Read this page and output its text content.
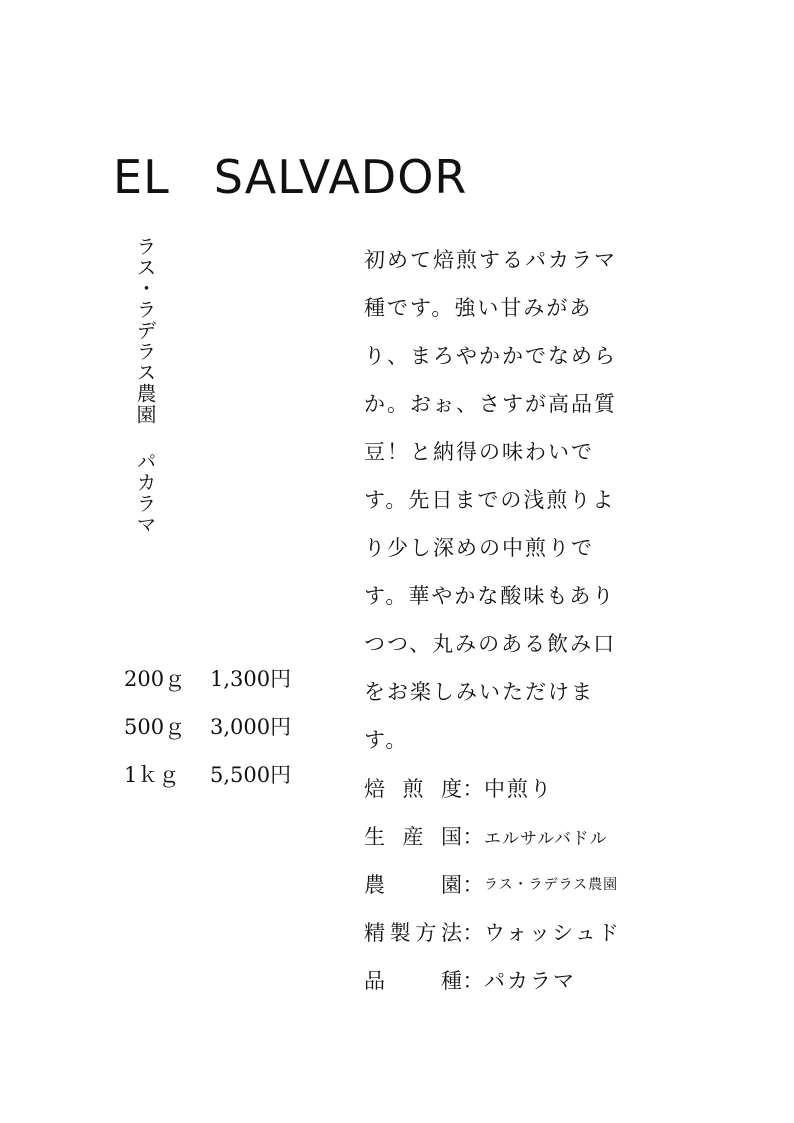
EL SALVADOR
ラス・ラデラス農園パカラマ
200ｇ	1,300円
500ｇ	3,000円
1ｋｇ	5,500円

初めて焙煎するパカラマ種です。強い甘みがあり、まろやかかでなめらか。おぉ、さすが高品質豆！と納得の味わいです。先日までの浅煎りより少し深めの中煎りです。華やかな酸味もありつつ、丸みのある飲み口をお楽しみいただけます。

焙 煎 度 ： 中煎り
生 産 国 ： エルサルバドル
農	園 ： ラス・ラデラス農園
精 製 方 法 ： ウォッシュド
品	種 ： パカラマ
